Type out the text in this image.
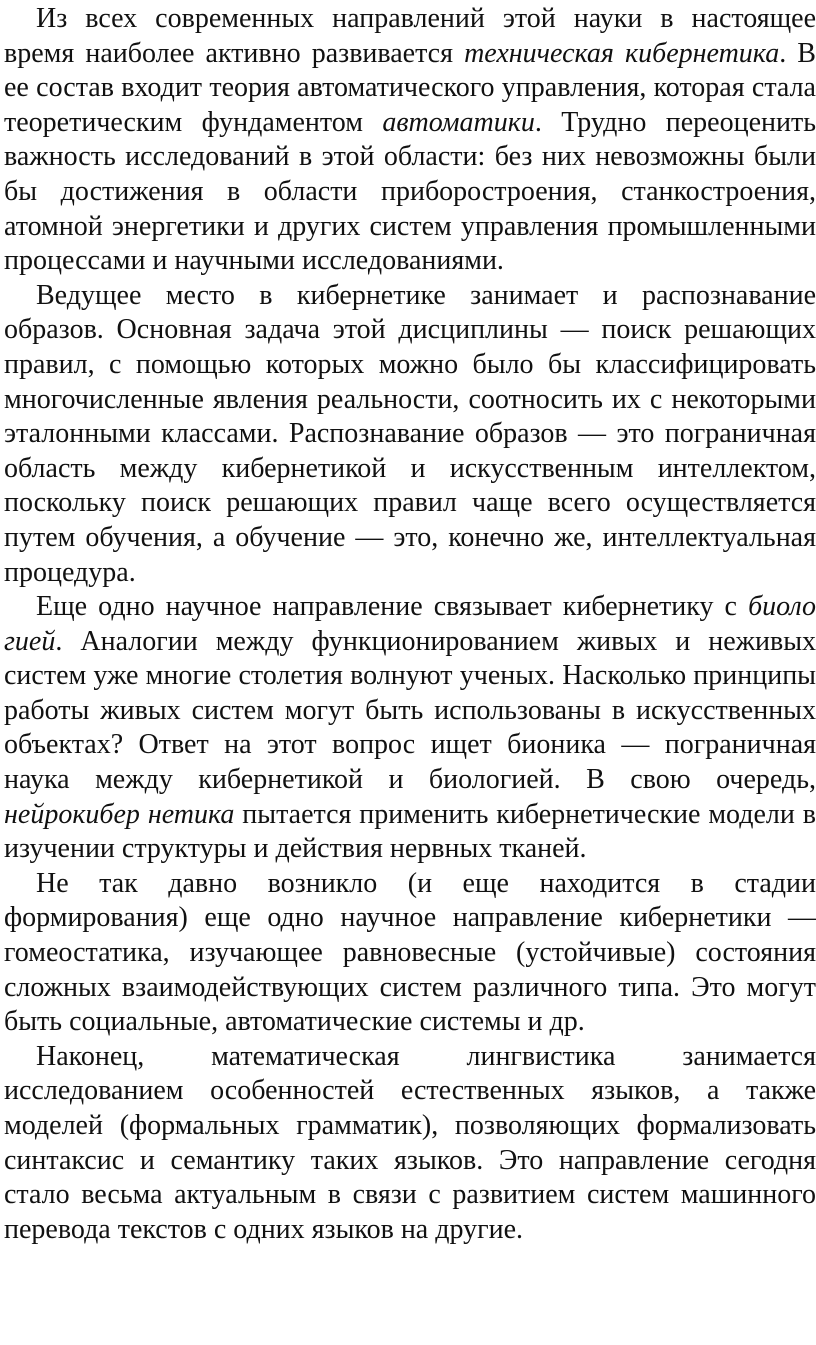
Из всех современных направлений этой науки в настоящее время наиболее активно развивается техническая кибернетика. В ее состав входит теория автоматического управления, которая стала теоретическим фундаментом автоматики. Трудно переоценить важность исследований в этой области: без них невозможны были бы достижения в области приборостроения, станкостроения, атомной энергетики и других систем управления промышленными процессами и научными исследованиями.

Ведущее место в кибернетике занимает и распознавание образов. Основная задача этой дисциплины — поиск решающих правил, с помощью которых можно было бы классифицировать многочисленные явления реальности, соотносить их с некоторыми эталонными классами. Распознавание образов — это пограничная область между кибернетикой и искусственным интеллектом, поскольку поиск решающих правил чаще всего осуществляется путем обучения, а обучение — это, конечно же, интеллектуальная процедура.

Еще одно научное направление связывает кибернетику с биоло гией. Аналогии между функционированием живых и неживых систем уже многие столетия волнуют ученых. Насколько принципы работы живых систем могут быть использованы в искусственных объектах? Ответ на этот вопрос ищет бионика — пограничная наука между кибернетикой и биологией. В свою очередь, нейрокибер нетика пытается применить кибернетические модели в изучении структуры и действия нервных тканей.

Не так давно возникло (и еще находится в стадии формирования) еще одно научное направление кибернетики — гомеостатика, изучающее равновесные (устойчивые) состояния сложных взаимодействующих систем различного типа. Это могут быть социальные, автоматические системы и др.

Наконец, математическая лингвистика занимается исследованием особенностей естественных языков, а также моделей (формальных грамматик), позволяющих формализовать синтаксис и семантику таких языков. Это направление сегодня стало весьма актуальным в связи с развитием систем машинного перевода текстов с одних языков на другие.
